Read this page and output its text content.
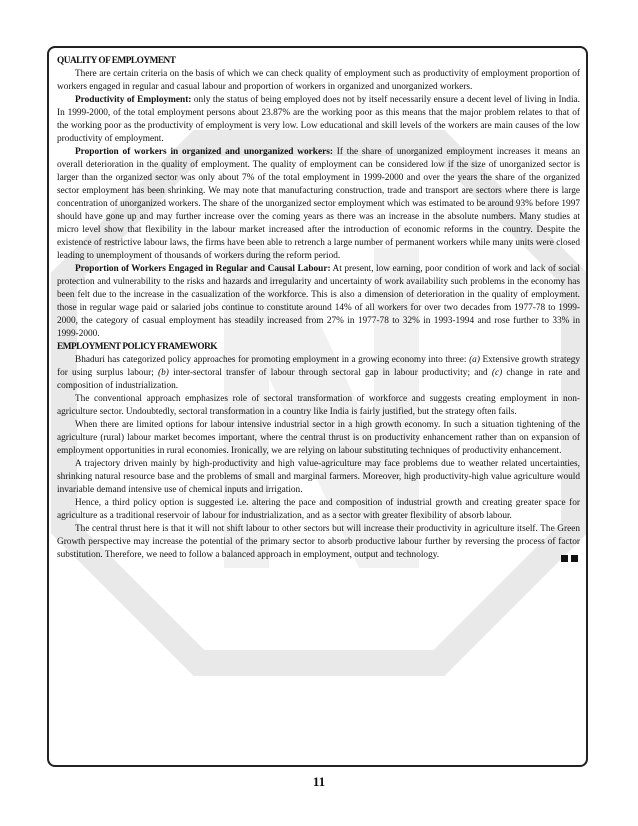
QUALITY OF EMPLOYMENT

There are certain criteria on the basis of which we can check quality of employment such as productivity of employment proportion of workers engaged in regular and casual labour and proportion of workers in organized and unorganized workers.

Productivity of Employment: only the status of being employed does not by itself necessarily ensure a decent level of living in India. In 1999-2000, of the total employment persons about 23.87% are the working poor as this means that the major problem relates to that of the working poor as the productivity of employment is very low. Low educational and skill levels of the workers are main causes of the low productivity of employment.

Proportion of workers in organized and unorganized workers: If the share of unorganized employment increases it means an overall deterioration in the quality of employment. The quality of employment can be considered low if the size of unorganized sector is larger than the organized sector was only about 7% of the total employment in 1999-2000 and over the years the share of the organized sector employment has been shrinking. We may note that manufacturing construction, trade and transport are sectors where there is large concentration of unorganized workers. The share of the unorganized sector employment which was estimated to be around 93% before 1997 should have gone up and may further increase over the coming years as there was an increase in the absolute numbers. Many studies at micro level show that flexibility in the labour market increased after the introduction of economic reforms in the country. Despite the existence of restrictive labour laws, the firms have been able to retrench a large number of permanent workers while many units were closed leading to unemployment of thousands of workers during the reform period.

Proportion of Workers Engaged in Regular and Causal Labour: At present, low earning, poor condition of work and lack of social protection and vulnerability to the risks and hazards and irregularity and uncertainty of work availability such problems in the economy has been felt due to the increase in the casualization of the workforce. This is also a dimension of deterioration in the quality of employment. those in regular wage paid or salaried jobs continue to constitute around 14% of all workers for over two decades from 1977-78 to 1999-2000, the category of casual employment has steadily increased from 27% in 1977-78 to 32% in 1993-1994 and rose further to 33% in 1999-2000.

EMPLOYMENT POLICY FRAMEWORK

Bhaduri has categorized policy approaches for promoting employment in a growing economy into three: (a) Extensive growth strategy for using surplus labour; (b) inter-sectoral transfer of labour through sectoral gap in labour productivity; and (c) change in rate and composition of industrialization.

The conventional approach emphasizes role of sectoral transformation of workforce and suggests creating employment in non-agriculture sector. Undoubtedly, sectoral transformation in a country like India is fairly justified, but the strategy often fails.

When there are limited options for labour intensive industrial sector in a high growth economy. In such a situation tightening of the agriculture (rural) labour market becomes important, where the central thrust is on productivity enhancement rather than on expansion of employment opportunities in rural economies. Ironically, we are relying on labour substituting techniques of productivity enhancement.

A trajectory driven mainly by high-productivity and high value-agriculture may face problems due to weather related uncertainties, shrinking natural resource base and the problems of small and marginal farmers. Moreover, high productivity-high value agriculture would invariable demand intensive use of chemical inputs and irrigation.

Hence, a third policy option is suggested i.e. altering the pace and composition of industrial growth and creating greater space for agriculture as a traditional reservoir of labour for industrialization, and as a sector with greater flexibility of absorb labour.

The central thrust here is that it will not shift labour to other sectors but will increase their productivity in agriculture itself. The Green Growth perspective may increase the potential of the primary sector to absorb productive labour further by reversing the process of factor substitution. Therefore, we need to follow a balanced approach in employment, output and technology.

11
